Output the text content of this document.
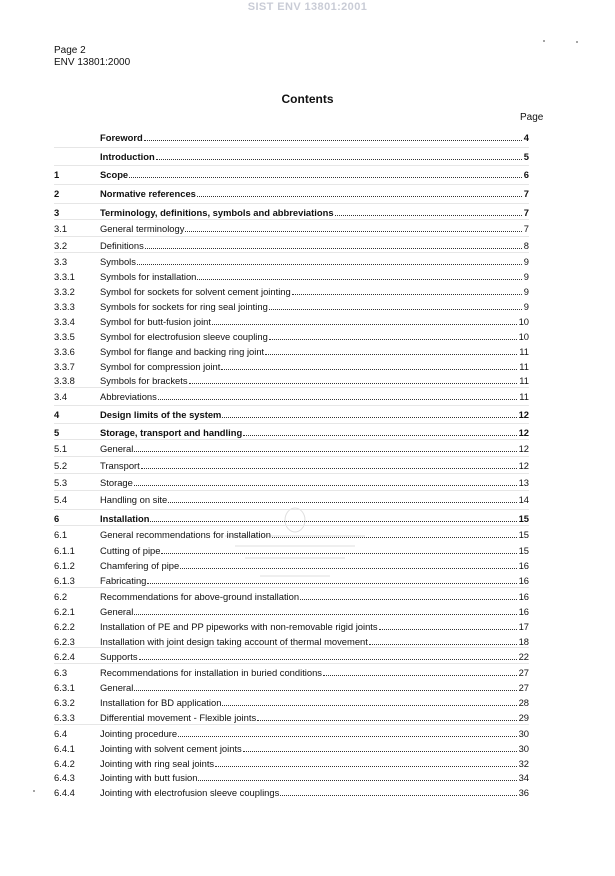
SIST ENV 13801:2001
Page 2
ENV 13801:2000
Contents
Page
Foreword	4
Introduction	5
1	Scope	6
2	Normative references	7
3	Terminology, definitions, symbols and abbreviations	7
3.1	General terminology	7
3.2	Definitions	8
3.3	Symbols	9
3.3.1	Symbols for installation	9
3.3.2	Symbol for sockets for solvent cement jointing	9
3.3.3	Symbols for sockets for ring seal jointing	9
3.3.4	Symbol for butt-fusion joint	10
3.3.5	Symbol for electrofusion sleeve coupling	10
3.3.6	Symbol for flange and backing ring joint	11
3.3.7	Symbol for compression joint	11
3.3.8	Symbols for brackets	11
3.4	Abbreviations	11
4	Design limits of the system	12
5	Storage, transport and handling	12
5.1	General	12
5.2	Transport	12
5.3	Storage	13
5.4	Handling on site	14
6	Installation	15
6.1	General recommendations for installation	15
6.1.1	Cutting of pipe	15
6.1.2	Chamfering of pipe	16
6.1.3	Fabricating	16
6.2	Recommendations for above-ground installation	16
6.2.1	General	16
6.2.2	Installation of PE and PP pipeworks with non-removable rigid joints	17
6.2.3	Installation with joint design taking account of thermal movement	18
6.2.4	Supports	22
6.3	Recommendations for installation in buried conditions	27
6.3.1	General	27
6.3.2	Installation for BD application	28
6.3.3	Differential movement - Flexible joints	29
6.4	Jointing procedure	30
6.4.1	Jointing with solvent cement joints	30
6.4.2	Jointing with ring seal joints	32
6.4.3	Jointing with butt fusion	34
6.4.4	Jointing with electrofusion sleeve couplings	36
